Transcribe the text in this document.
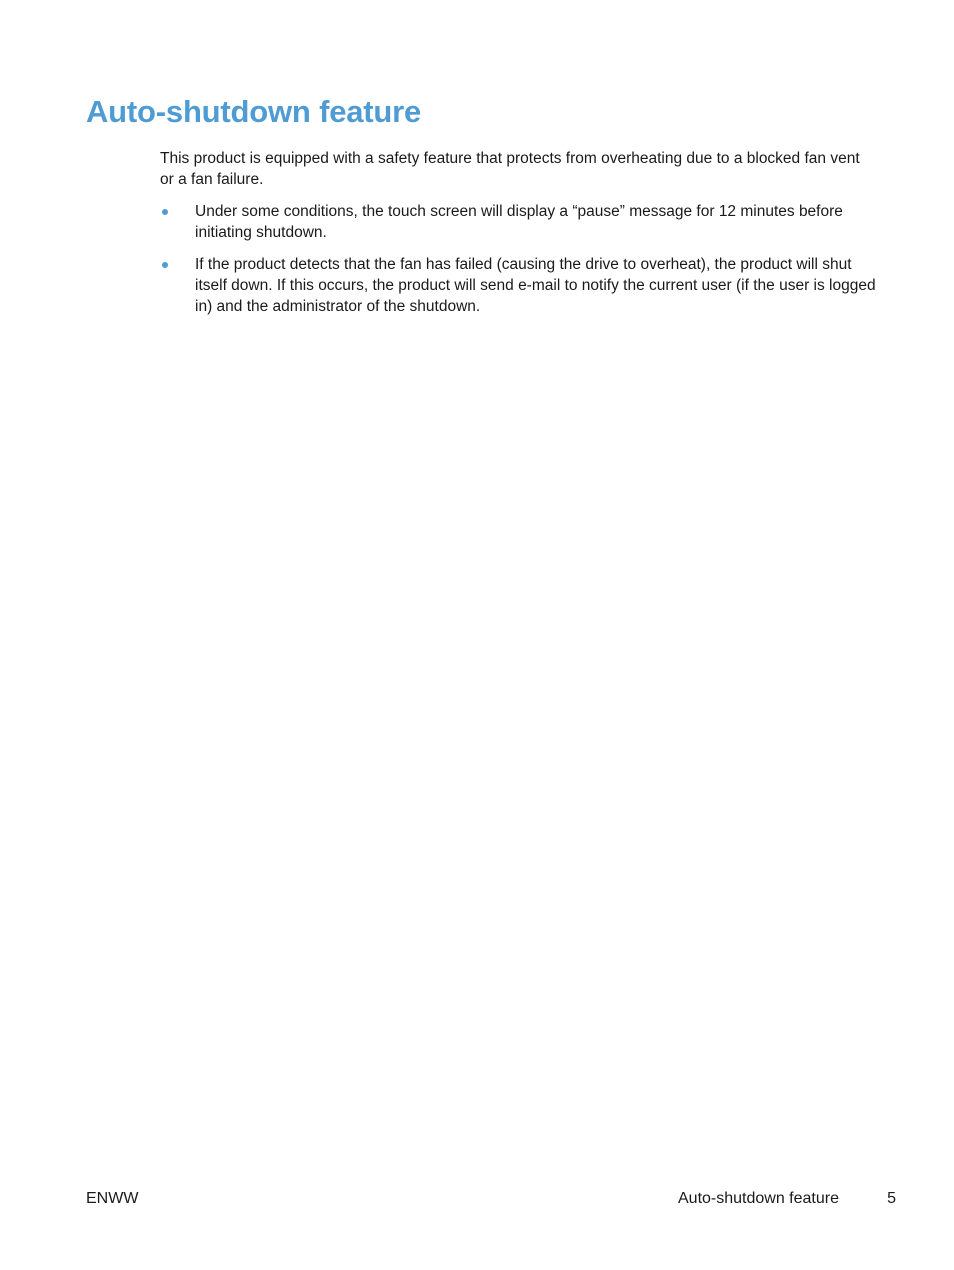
Auto-shutdown feature

This product is equipped with a safety feature that protects from overheating due to a blocked fan vent or a fan failure.

Under some conditions, the touch screen will display a “pause” message for 12 minutes before initiating shutdown.
If the product detects that the fan has failed (causing the drive to overheat), the product will shut itself down. If this occurs, the product will send e-mail to notify the current user (if the user is logged in) and the administrator of the shutdown.
ENWW	Auto-shutdown feature	5
